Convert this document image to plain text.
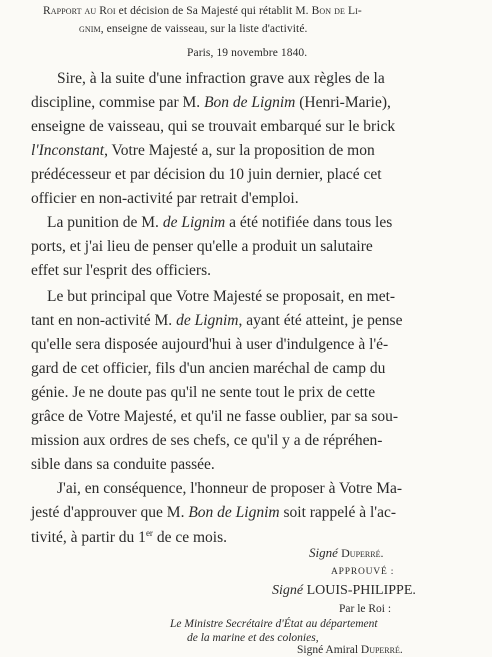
Rapport au Roi et décision de Sa Majesté qui rétablit M. Bon de Li-
gnim, enseigne de vaisseau, sur la liste d'activité.
Paris, 19 novembre 1840.
Sire, à la suite d'une infraction grave aux règles de la
discipline, commise par M. Bon de Lignim (Henri-Marie),
enseigne de vaisseau, qui se trouvait embarqué sur le brick
l'Inconstant, Votre Majesté a, sur la proposition de mon
prédécesseur et par décision du 10 juin dernier, placé cet
officier en non-activité par retrait d'emploi.
La punition de M. de Lignim a été notifiée dans tous les
ports, et j'ai lieu de penser qu'elle a produit un salutaire
effet sur l'esprit des officiers.
Le but principal que Votre Majesté se proposait, en met-
tant en non-activité M. de Lignim, ayant été atteint, je pense
qu'elle sera disposée aujourd'hui à user d'indulgence à l'é-
gard de cet officier, fils d'un ancien maréchal de camp du
génie. Je ne doute pas qu'il ne sente tout le prix de cette
grâce de Votre Majesté, et qu'il ne fasse oublier, par sa sou-
mission aux ordres de ses chefs, ce qu'il y a de répréhen-
sible dans sa conduite passée.
J'ai, en conséquence, l'honneur de proposer à Votre Ma-
jesté d'approuver que M. Bon de Lignim soit rappelé à l'ac-
tivité, à partir du 1er de ce mois.
Signé Duperré.
APPROUVÉ :
Signé LOUIS-PHILIPPE.
Par le Roi :
Le Ministre Secrétaire d'État au département
de la marine et des colonies,
Signé Amiral Duperré.
